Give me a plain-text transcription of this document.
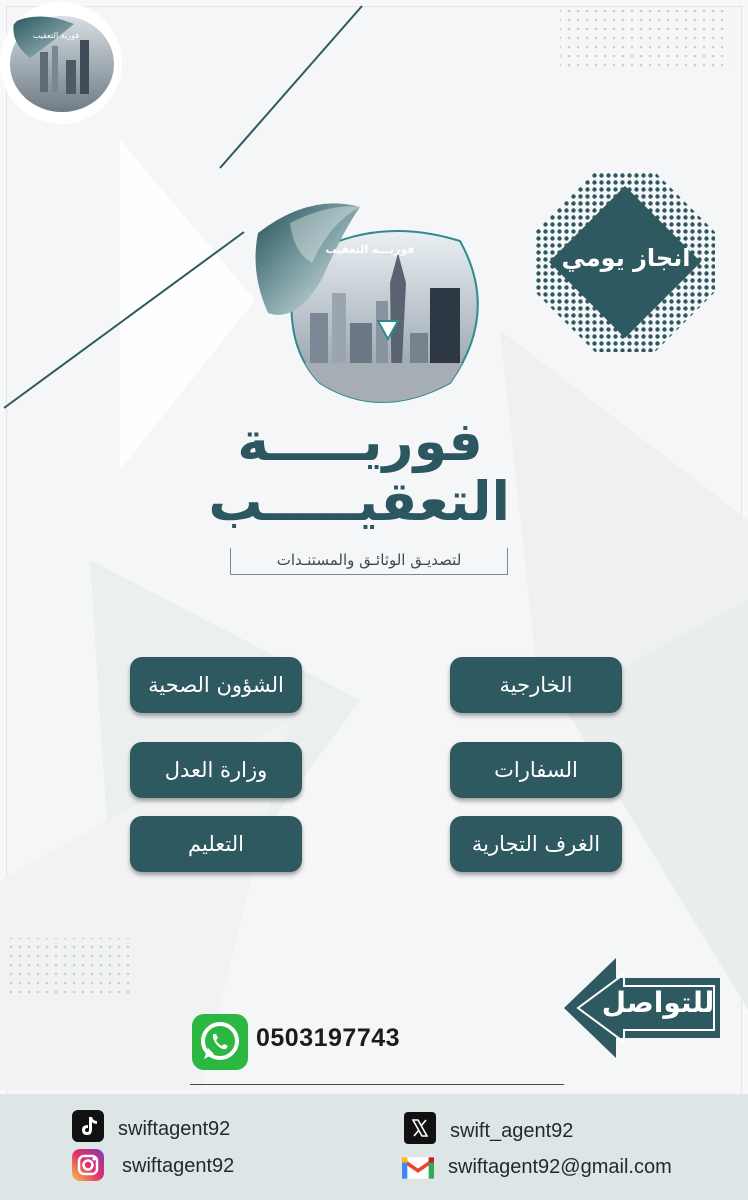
فورية التعقيب
فوريـــة التعقيب
فوريـــــة
التعقيـــــب
لتصديـق الوثائـق والمستنـدات
انجاز يومي
الخارجية
السفارات
الغرف التجارية
الشؤون الصحية
وزارة العدل
التعليم
للتواصل
0503197743
swiftagent92
swiftagent92
swift_agent92
swiftagent92@gmail.com
